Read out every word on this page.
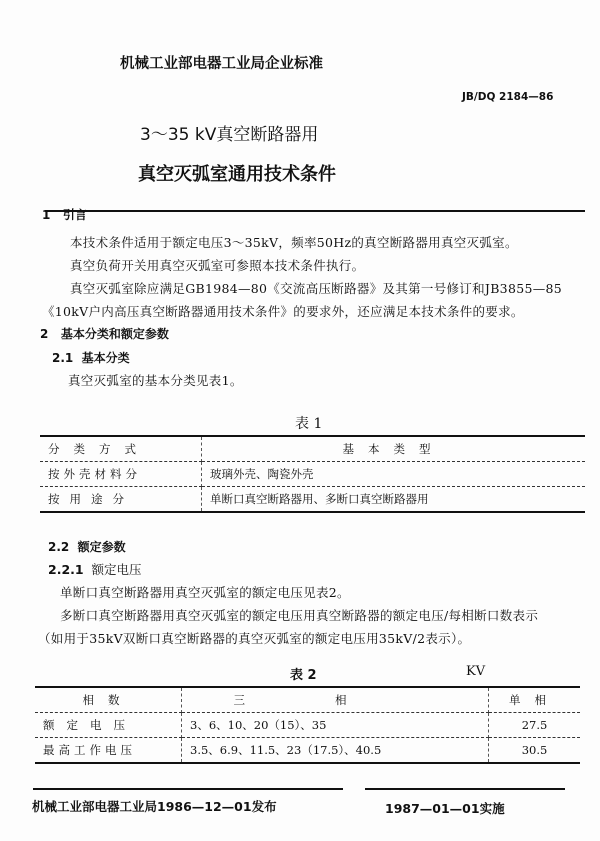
机械工业部电器工业局企业标准
JB/DQ 2184—86
3～35 kV真空断路器用
真空灭弧室通用技术条件
1 引言
本技术条件适用于额定电压3～35kV，频率50Hz的真空断路器用真空灭弧室。
真空负荷开关用真空灭弧室可参照本技术条件执行。
真空灭弧室除应满足GB1984—80《交流高压断路器》及其第一号修订和JB3855—85
《10kV户内高压真空断路器通用技术条件》的要求外，还应满足本技术条件的要求。
2 基本分类和额定参数
2.1 基本分类
真空灭弧室的基本分类见表1。
表 1
分类方式	基本类型
按外壳材料分	玻璃外壳、陶瓷外壳
按用途分	单断口真空断路器用、多断口真空断路器用
2.2 额定参数
2.2.1 额定电压
单断口真空断路器用真空灭弧室的额定电压见表2。
多断口真空断路器用真空灭弧室的额定电压用真空断路器的额定电压/每相断口数表示
（如用于35kV双断口真空断路器的真空灭弧室的额定电压用35kV/2表示）。
表 2	KV
相数	三相	单相
额定电压	3、6、10、20（15）、35	27.5
最高工作电压	3.5、6.9、11.5、23（17.5）、40.5	30.5
机械工业部电器工业局1986—12—01发布	1987—01—01实施
